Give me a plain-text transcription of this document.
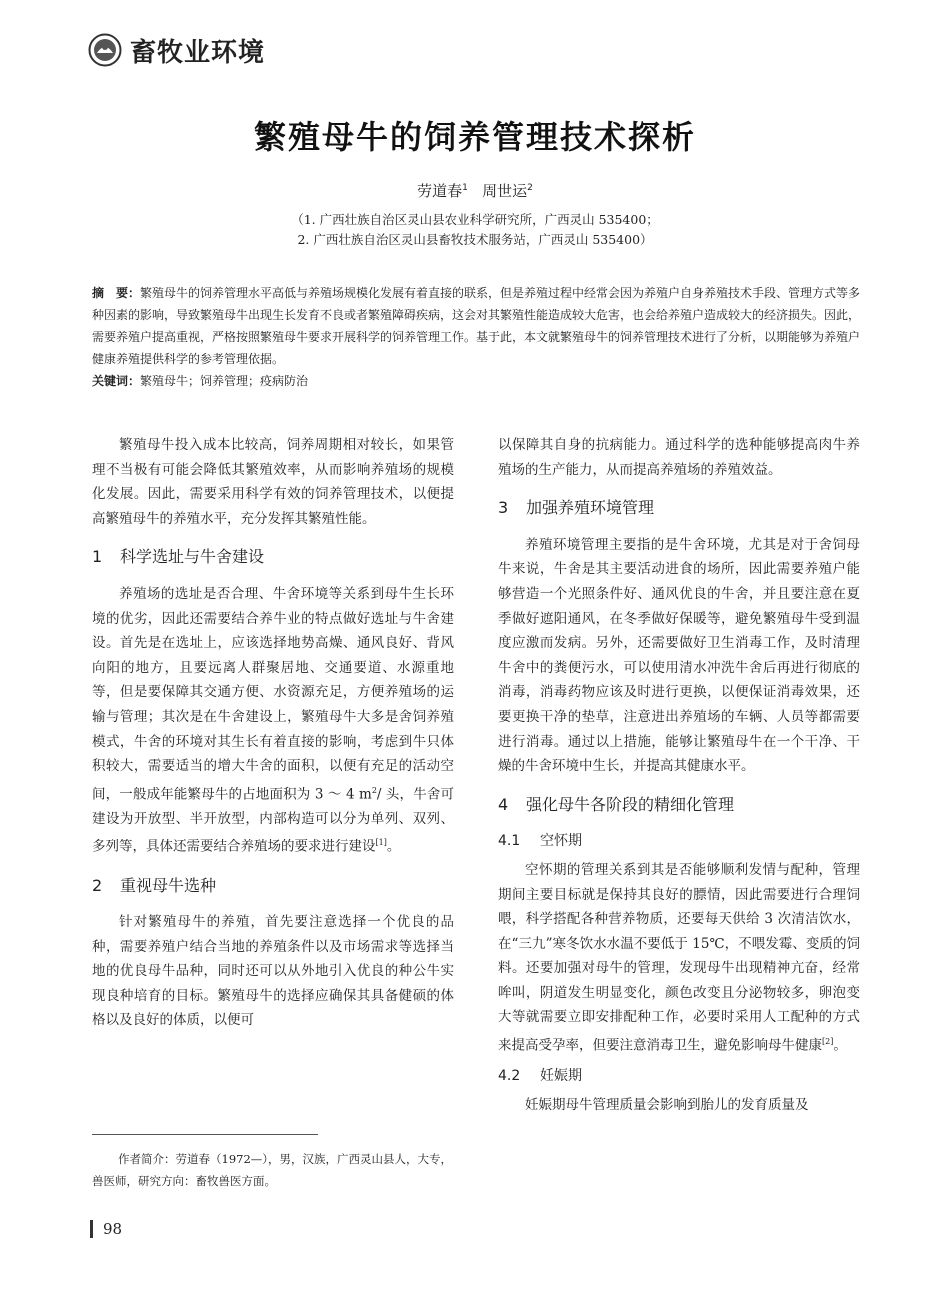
畜牧业环境
繁殖母牛的饲养管理技术探析
劳道春$^1$ 周世运$^2$
（1. 广西壮族自治区灵山县农业科学研究所，广西灵山 535400；
2. 广西壮族自治区灵山县畜牧技术服务站，广西灵山 535400）
摘　要：繁殖母牛的饲养管理水平高低与养殖场规模化发展有着直接的联系，但是养殖过程中经常会因为养殖户自身养殖技术手段、管理方式等多种因素的影响，导致繁殖母牛出现生长发育不良或者繁殖障碍疾病，这会对其繁殖性能造成较大危害，也会给养殖户造成较大的经济损失。因此，需要养殖户提高重视，严格按照繁殖母牛要求开展科学的饲养管理工作。基于此，本文就繁殖母牛的饲养管理技术进行了分析，以期能够为养殖户健康养殖提供科学的参考管理依据。
关键词：繁殖母牛；饲养管理；疫病防治

繁殖母牛投入成本比较高，饲养周期相对较长，如果管理不当极有可能会降低其繁殖效率，从而影响养殖场的规模化发展。因此，需要采用科学有效的饲养管理技术，以便提高繁殖母牛的养殖水平，充分发挥其繁殖性能。

1 科学选址与牛舍建设

养殖场的选址是否合理、牛舍环境等关系到母牛生长环境的优劣，因此还需要结合养牛业的特点做好选址与牛舍建设。首先是在选址上，应该选择地势高燥、通风良好、背风向阳的地方，且要远离人群聚居地、交通要道、水源重地等，但是要保障其交通方便、水资源充足，方便养殖场的运输与管理；其次是在牛舍建设上，繁殖母牛大多是舍饲养殖模式，牛舍的环境对其生长有着直接的影响，考虑到牛只体积较大，需要适当的增大牛舍的面积，以便有充足的活动空间，一般成年能繁母牛的占地面积为 3 ～ 4 $m^2/$ 头，牛舍可建设为开放型、半开放型，内部构造可以分为单列、双列、多列等，具体还需要结合养殖场的要求进行建设[1]。

2 重视母牛选种

针对繁殖母牛的养殖，首先要注意选择一个优良的品种，需要养殖户结合当地的养殖条件以及市场需求等选择当地的优良母牛品种，同时还可以从外地引入优良的种公牛实现良种培育的目标。繁殖母牛的选择应确保其具备健硕的体格以及良好的体质，以便可

以保障其自身的抗病能力。通过科学的选种能够提高肉牛养殖场的生产能力，从而提高养殖场的养殖效益。

3 加强养殖环境管理

养殖环境管理主要指的是牛舍环境，尤其是对于舍饲母牛来说，牛舍是其主要活动进食的场所，因此需要养殖户能够营造一个光照条件好、通风优良的牛舍，并且要注意在夏季做好遮阳通风，在冬季做好保暖等，避免繁殖母牛受到温度应激而发病。另外，还需要做好卫生消毒工作，及时清理牛舍中的粪便污水，可以使用清水冲洗牛舍后再进行彻底的消毒，消毒药物应该及时进行更换，以便保证消毒效果，还要更换干净的垫草，注意进出养殖场的车辆、人员等都需要进行消毒。通过以上措施，能够让繁殖母牛在一个干净、干燥的牛舍环境中生长，并提高其健康水平。

4 强化母牛各阶段的精细化管理
4.1 空怀期

空怀期的管理关系到其是否能够顺利发情与配种，管理期间主要目标就是保持其良好的膘情，因此需要进行合理饲喂，科学搭配各种营养物质，还要每天供给 3 次清洁饮水，在“三九”寒冬饮水水温不要低于 15℃，不喂发霉、变质的饲料。还要加强对母牛的管理，发现母牛出现精神亢奋，经常哞叫，阴道发生明显变化，颜色改变且分泌物较多，卵泡变大等就需要立即安排配种工作，必要时采用人工配种的方式来提高受孕率，但要注意消毒卫生，避免影响母牛健康[2]。

4.2 妊娠期

妊娠期母牛管理质量会影响到胎儿的发育质量及

作者简介：劳道春（1972—），男，汉族，广西灵山县人，大专，兽医师，研究方向：畜牧兽医方面。
98
